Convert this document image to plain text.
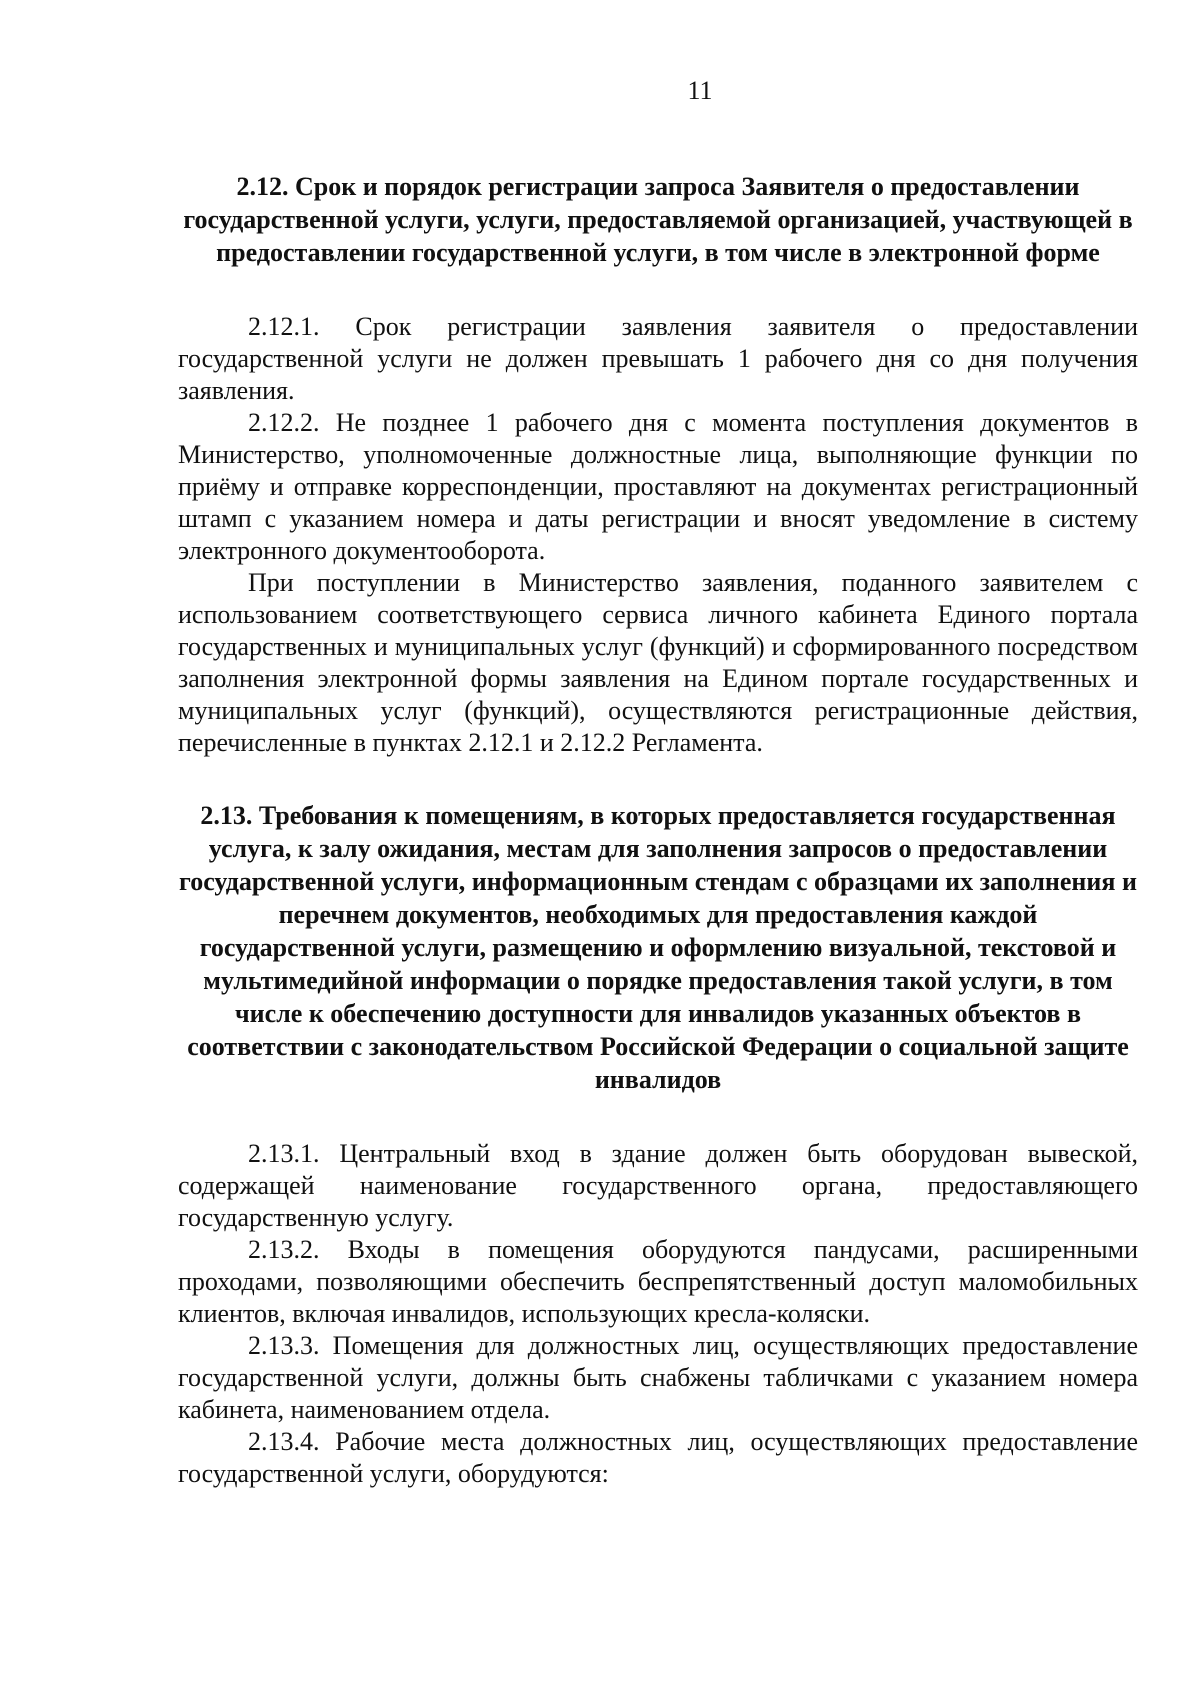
11
2.12. Срок и порядок регистрации запроса Заявителя о предоставлении государственной услуги, услуги, предоставляемой организацией, участвующей в предоставлении государственной услуги, в том числе в электронной форме

2.12.1. Срок регистрации заявления заявителя о предоставлении государственной услуги не должен превышать 1 рабочего дня со дня получения заявления.

2.12.2. Не позднее 1 рабочего дня с момента поступления документов в Министерство, уполномоченные должностные лица, выполняющие функции по приёму и отправке корреспонденции, проставляют на документах регистрационный штамп с указанием номера и даты регистрации и вносят уведомление в систему электронного документооборота.

При поступлении в Министерство заявления, поданного заявителем с использованием соответствующего сервиса личного кабинета Единого портала государственных и муниципальных услуг (функций) и сформированного посредством заполнения электронной формы заявления на Едином портале государственных и муниципальных услуг (функций), осуществляются регистрационные действия, перечисленные в пунктах 2.12.1 и 2.12.2 Регламента.

2.13. Требования к помещениям, в которых предоставляется государственная услуга, к залу ожидания, местам для заполнения запросов о предоставлении государственной услуги, информационным стендам с образцами их заполнения и перечнем документов, необходимых для предоставления каждой государственной услуги, размещению и оформлению визуальной, текстовой и мультимедийной информации о порядке предоставления такой услуги, в том числе к обеспечению доступности для инвалидов указанных объектов в соответствии с законодательством Российской Федерации о социальной защите инвалидов

2.13.1. Центральный вход в здание должен быть оборудован вывеской, содержащей наименование государственного органа, предоставляющего государственную услугу.

2.13.2. Входы в помещения оборудуются пандусами, расширенными проходами, позволяющими обеспечить беспрепятственный доступ маломобильных клиентов, включая инвалидов, использующих кресла-коляски.

2.13.3. Помещения для должностных лиц, осуществляющих предоставление государственной услуги, должны быть снабжены табличками с указанием номера кабинета, наименованием отдела.

2.13.4. Рабочие места должностных лиц, осуществляющих предоставление государственной услуги, оборудуются:
